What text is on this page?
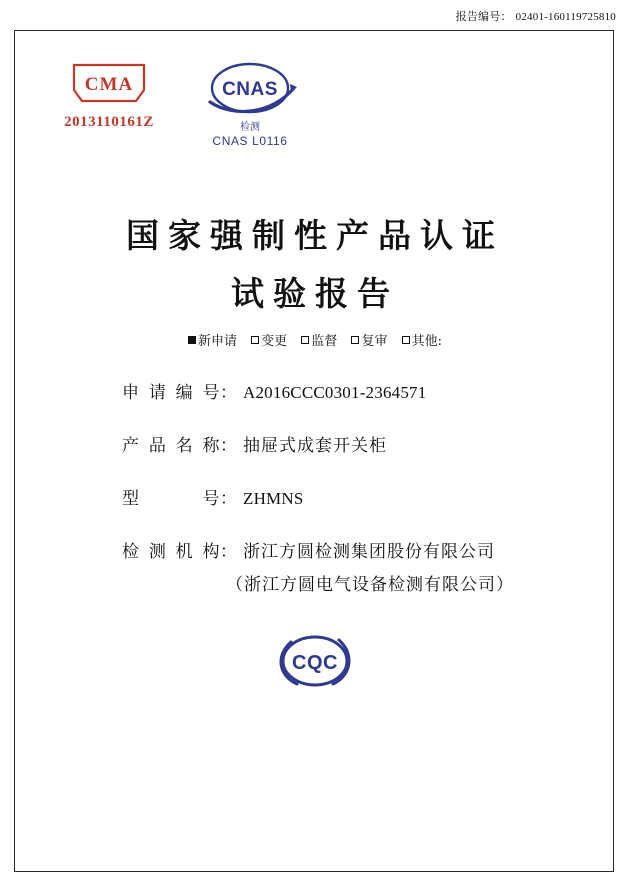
报告编号： 02401-160119725810
CMA
2013110161Z
CNAS
检测
CNAS L0116
国家强制性产品认证
试验报告
新申请 变更 监督 复审 其他:
申请编号 ： A2016CCC0301-2364571
产品名称 ： 抽屉式成套开关柜
型　号 ： ZHMNS
检测机构 ： 浙江方圆检测集团股份有限公司
（浙江方圆电气设备检测有限公司）
CQC
